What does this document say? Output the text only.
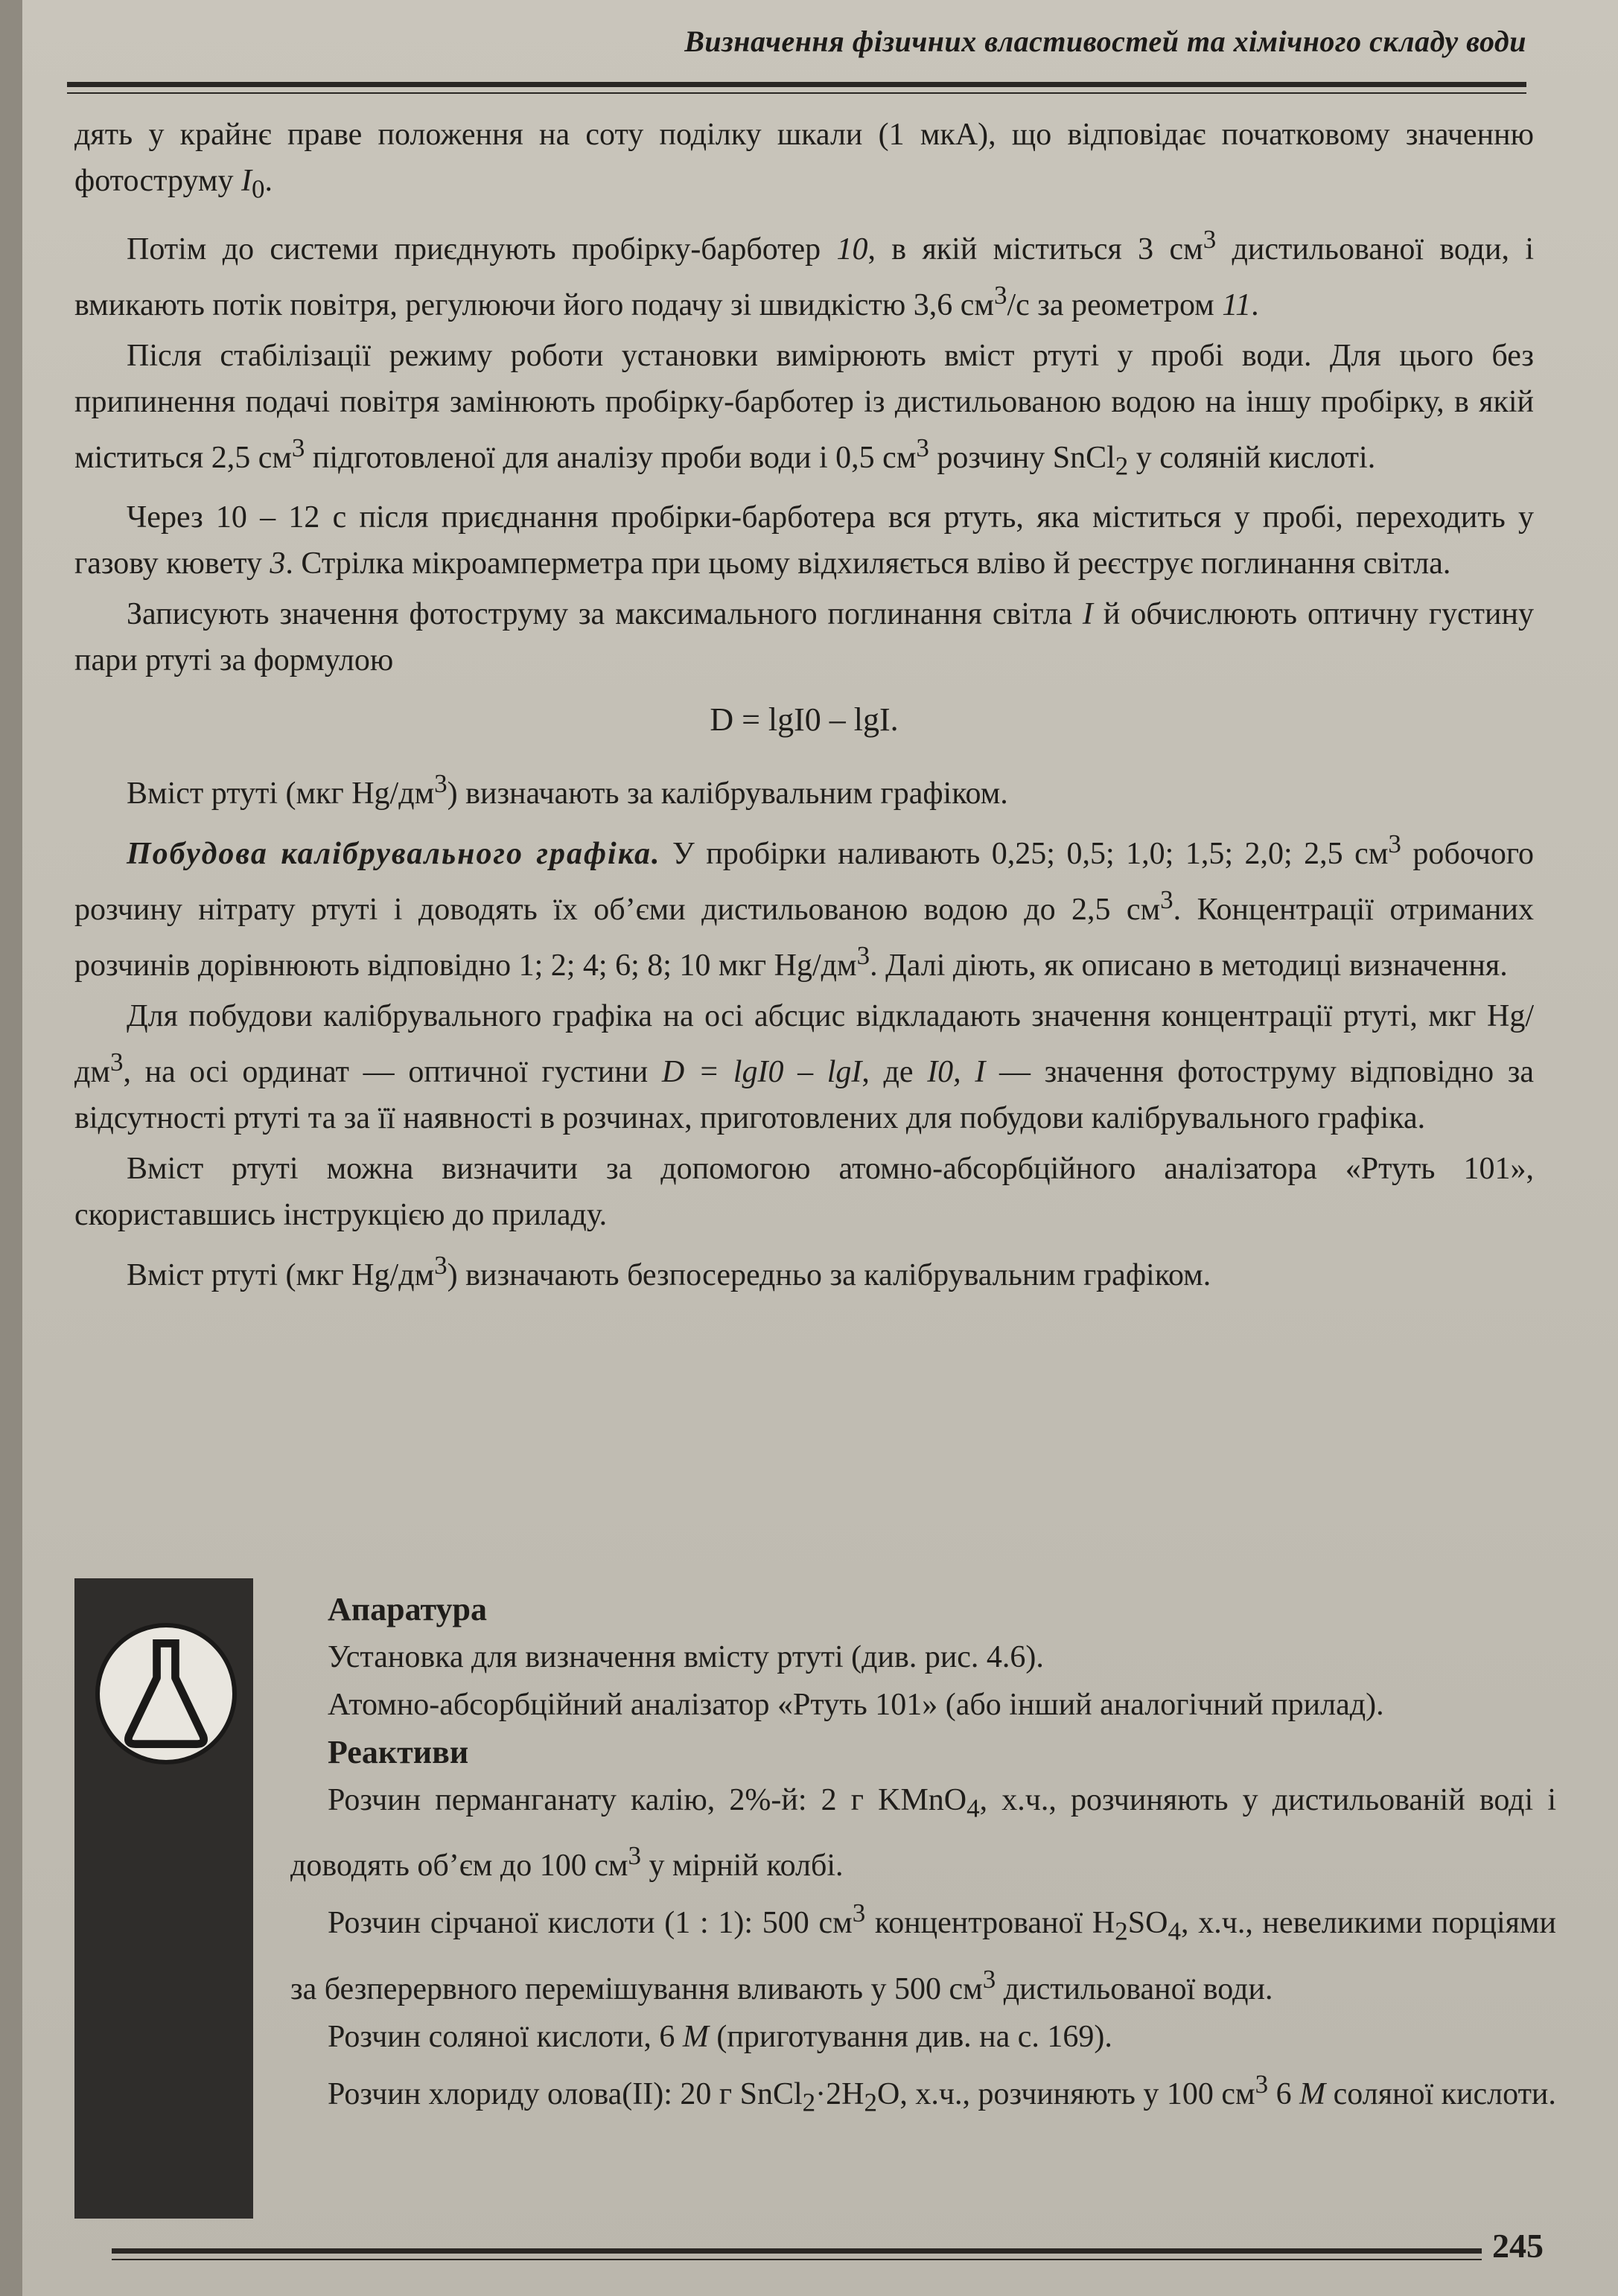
Визначення фізичних властивостей та хімічного складу води

дять у крайнє праве положення на соту поділку шкали (1 мкА), що відповідає початковому значенню фотоструму $I_0$.

Потім до системи приєднують пробірку-барботер 10, в якій міститься 3 $см^3$ дистильованої води, і вмикають потік повітря, регулюючи його подачу зі швидкістю 3,6 $см^3/с$ за реометром 11.

Після стабілізації режиму роботи установки вимірюють вміст ртуті у пробі води. Для цього без припинення подачі повітря замінюють пробірку-барботер із дистильованою водою на іншу пробірку, в якій міститься 2,5 $см^3$ підготовленої для аналізу проби води і 0,5 $см^3$ розчину SnCl$_2$ у соляній кислоті.

Через 10 – 12 с після приєднання пробірки-барботера вся ртуть, яка міститься у пробі, переходить у газову кювету 3. Стрілка мікроамперметра при цьому відхиляється вліво й реєструє поглинання світла.

Записують значення фотоструму за максимального поглинання світла I й обчислюють оптичну густину пари ртуті за формулою

D = lgI0 – lgI.

Вміст ртуті (мкг $Hg/дм^3$) визначають за калібрувальним графіком.

Побудова калібрувального графіка. У пробірки наливають 0,25; 0,5; 1,0; 1,5; 2,0; 2,5 $см^3$ робочого розчину нітрату ртуті і доводять їх об’єми дистильованою водою до 2,5 $см^3$. Концентрації отриманих розчинів дорівнюють відповідно 1; 2; 4; 6; 8; 10 мкг $Hg/дм^3$. Далі діють, як описано в методиці визначення.

Для побудови калібрувального графіка на осі абсцис відкладають значення концентрації ртуті, мкг $Hg/дм^3$, на осі ординат — оптичної густини D = lgI0 – lgI, де I0, I — значення фотоструму відповідно за відсутності ртуті та за її наявності в розчинах, приготовлених для побудови калібрувального графіка.

Вміст ртуті можна визначити за допомогою атомно-абсорбційного аналізатора «Ртуть 101», скориставшись інструкцією до приладу.

Вміст ртуті (мкг $Hg/дм^3$) визначають безпосередньо за калібрувальним графіком.

Апаратура

Установка для визначення вмісту ртуті (див. рис. 4.6).

Атомно-абсорбційний аналізатор «Ртуть 101» (або інший аналогічний прилад).

Реактиви

Розчин перманганату калію, 2%-й: 2 г KMnO$_4$, х.ч., розчиняють у дистильованій воді і доводять об’єм до 100 $см^3$ у мірній колбі.

Розчин сірчаної кислоти (1 : 1): 500 $см^3$ концентрованої $H_2SO_4$, х.ч., невеликими порціями за безперервного перемішування вливають у 500 $см^3$ дистильованої води.

Розчин соляної кислоти, 6 М (приготування див. на с. 169).

Розчин хлориду олова(II): 20 г $SnCl_2\cdot 2H_2O$, х.ч., розчиняють у 100 $см^3$ 6 М соляної кислоти.

245
